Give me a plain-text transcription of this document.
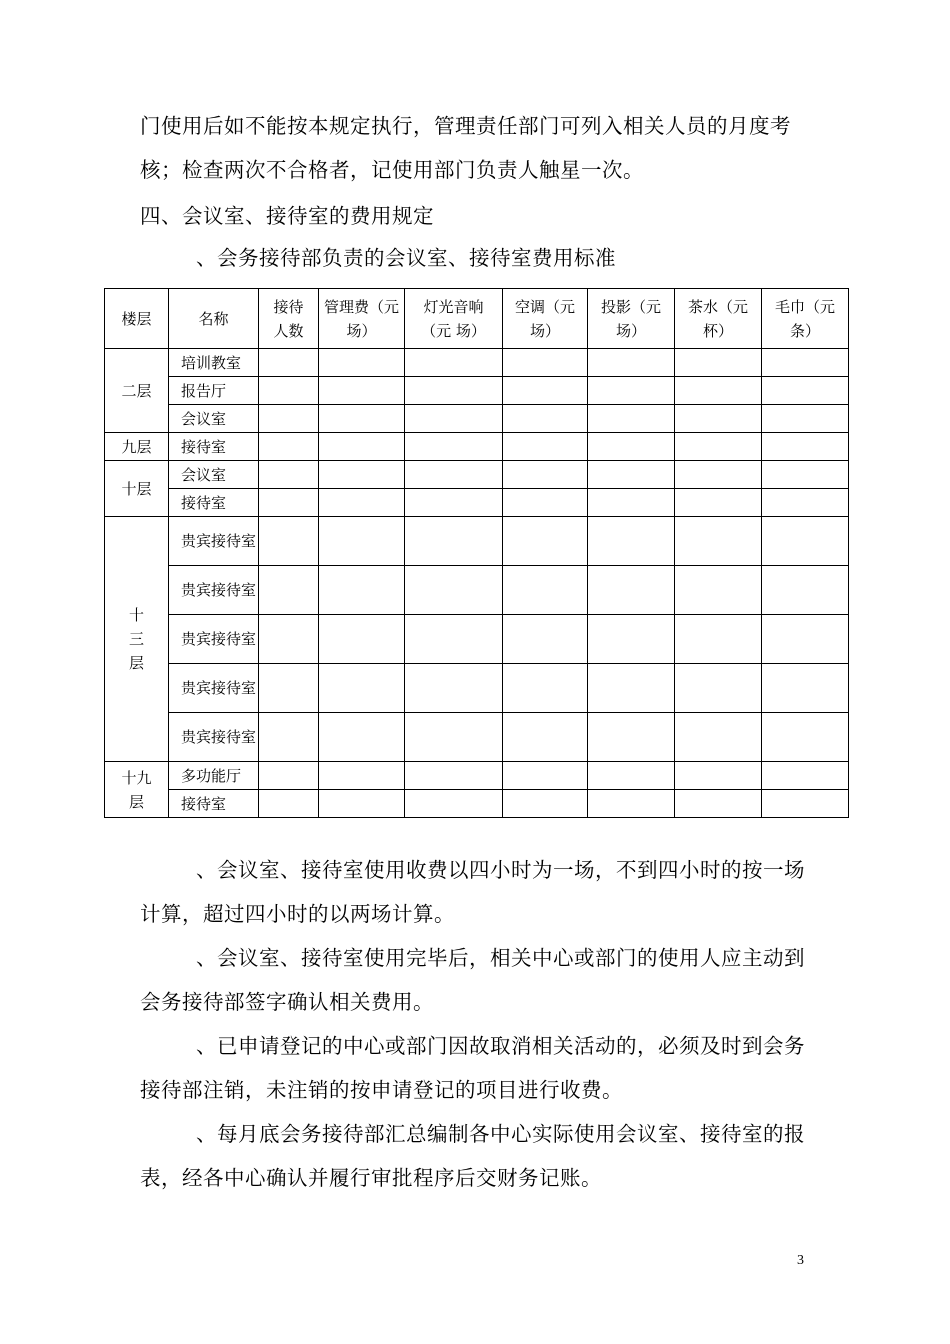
门使用后如不能按本规定执行，管理责任部门可列入相关人员的月度考核；检查两次不合格者，记使用部门负责人触星一次。
四、会议室、接待室的费用规定
、会务接待部负责的会议室、接待室费用标准
楼层	名称	接待人数	管理费（元 场）	灯光音响（元 场）	空调（元 场）	投影（元 场）	茶水（元 杯）	毛巾（元 条）
二层	培训教室							
	报告厅							
	会议室							
九层	接待室							
十层	会议室							
	接待室							
十三层	贵宾接待室							
	贵宾接待室							
	贵宾接待室							
	贵宾接待室							
	贵宾接待室							
十九层	多功能厅							
	接待室							
、会议室、接待室使用收费以四小时为一场，不到四小时的按一场计算，超过四小时的以两场计算。
、会议室、接待室使用完毕后，相关中心或部门的使用人应主动到会务接待部签字确认相关费用。
、已申请登记的中心或部门因故取消相关活动的，必须及时到会务接待部注销，未注销的按申请登记的项目进行收费。
、每月底会务接待部汇总编制各中心实际使用会议室、接待室的报表，经各中心确认并履行审批程序后交财务记账。
3
